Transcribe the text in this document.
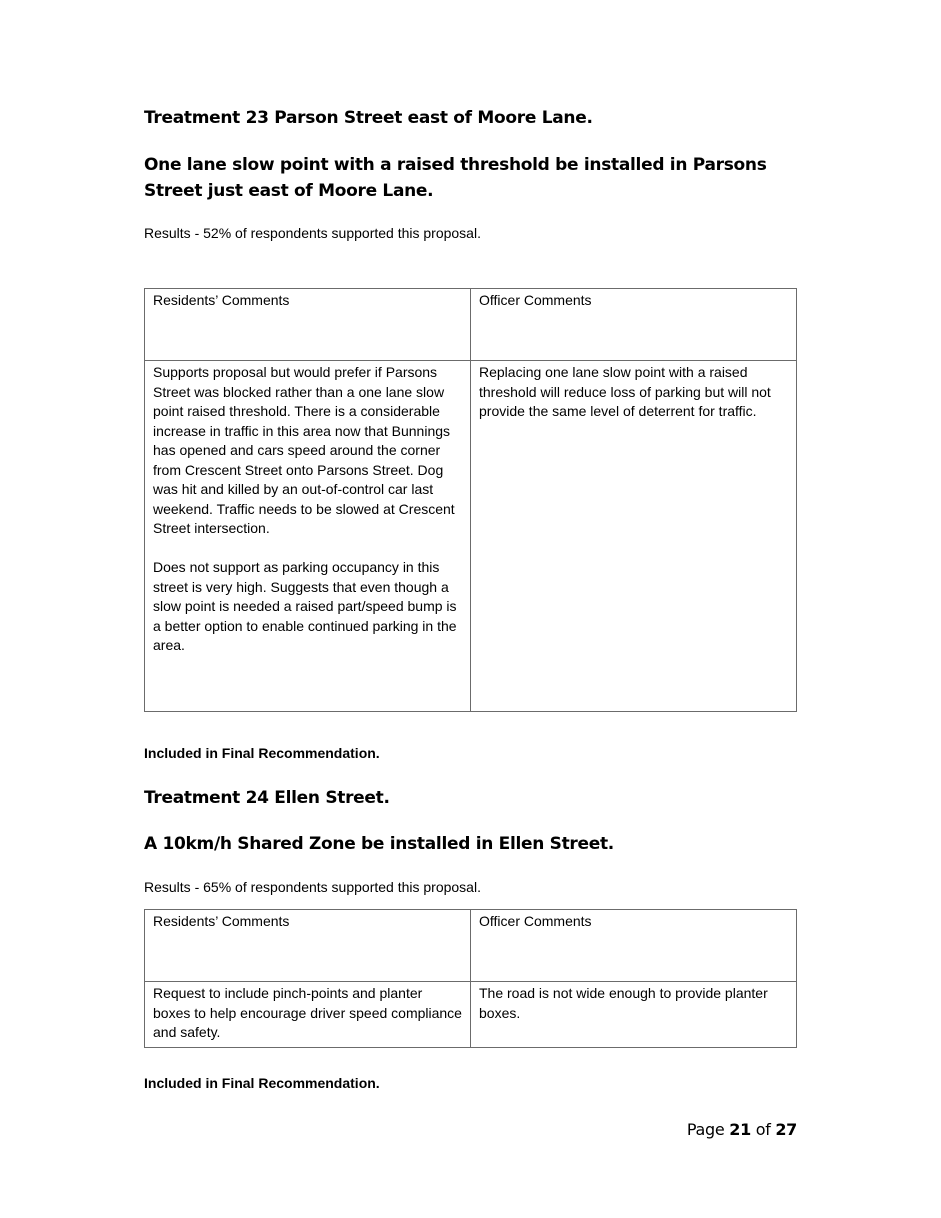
Treatment 23 Parson Street east of Moore Lane.
One lane slow point with a raised threshold be installed in Parsons Street just east of Moore Lane.

Results - 52% of respondents supported this proposal.

Residents’ Comments	Officer Comments

Supports proposal but would prefer if Parsons Street was blocked rather than a one lane slow point raised threshold. There is a considerable increase in traffic in this area now that Bunnings has opened and cars speed around the corner from Crescent Street onto Parsons Street. Dog was hit and killed by an out-of-control car last weekend. Traffic needs to be slowed at Crescent Street intersection.

Does not support as parking occupancy in this street is very high. Suggests that even though a slow point is needed a raised part/speed bump is a better option to enable continued parking in the area.	Replacing one lane slow point with a raised threshold will reduce loss of parking but will not provide the same level of deterrent for traffic.

Included in Final Recommendation.

Treatment 24 Ellen Street.
A 10km/h Shared Zone be installed in Ellen Street.

Results - 65% of respondents supported this proposal.

Residents’ Comments	Officer Comments

Request to include pinch-points and planter boxes to help encourage driver speed compliance and safety.	The road is not wide enough to provide planter boxes.

Included in Final Recommendation.

Page 21 of 27
